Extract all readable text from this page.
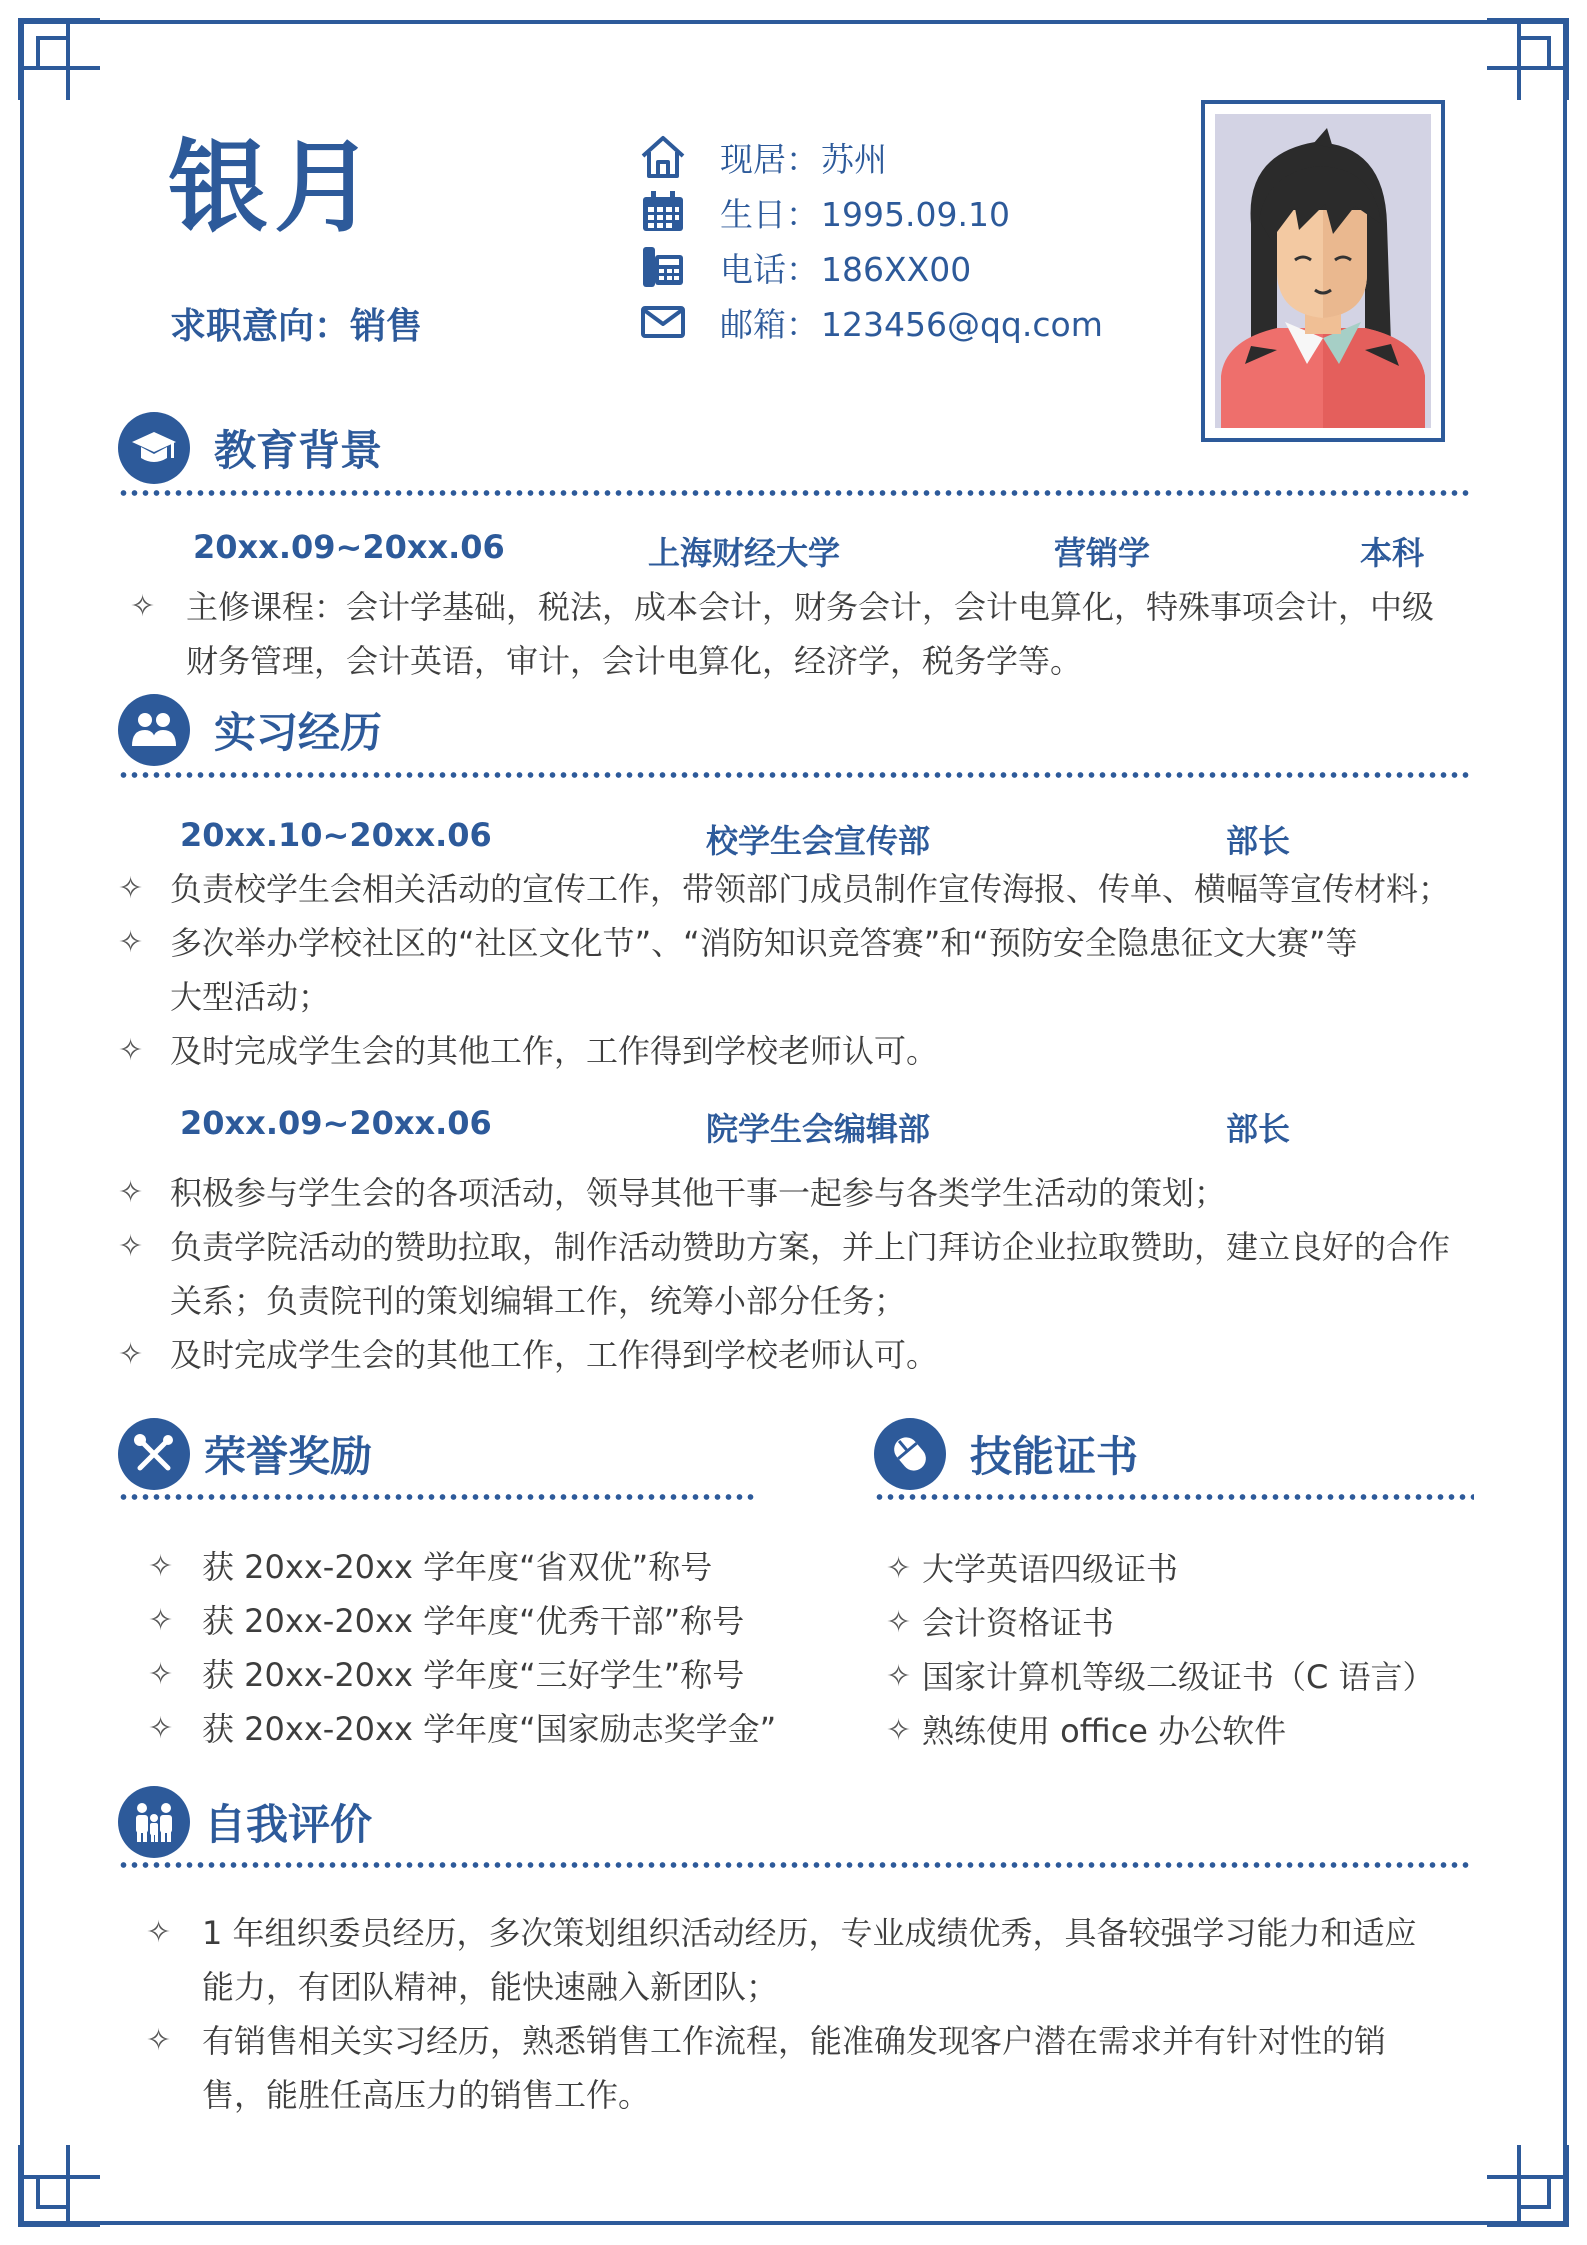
银月
求职意向：销售
现居：苏州
生日：1995.09.10
电话：186XX00
邮箱：123456@qq.com
教育背景
20xx.09~20xx.06	上海财经大学	营销学	本科
✧ 主修课程：会计学基础，税法，成本会计，财务会计，会计电算化，特殊事项会计，中级
财务管理，会计英语，审计，会计电算化，经济学，税务学等。
实习经历
20xx.10~20xx.06	校学生会宣传部	部长
✧ 负责校学生会相关活动的宣传工作，带领部门成员制作宣传海报、传单、横幅等宣传材料；
✧ 多次举办学校社区的“社区文化节”、“消防知识竞答赛”和“预防安全隐患征文大赛”等
大型活动；
✧ 及时完成学生会的其他工作，工作得到学校老师认可。
20xx.09~20xx.06	院学生会编辑部	部长
✧ 积极参与学生会的各项活动，领导其他干事一起参与各类学生活动的策划；
✧ 负责学院活动的赞助拉取，制作活动赞助方案，并上门拜访企业拉取赞助，建立良好的合作
关系；负责院刊的策划编辑工作，统筹小部分任务；
✧ 及时完成学生会的其他工作，工作得到学校老师认可。
荣誉奖励
✧ 获 20xx-20xx 学年度“省双优”称号
✧ 获 20xx-20xx 学年度“优秀干部”称号
✧ 获 20xx-20xx 学年度“三好学生”称号
✧ 获 20xx-20xx 学年度“国家励志奖学金”
技能证书
✧ 大学英语四级证书
✧ 会计资格证书
✧ 国家计算机等级二级证书（C 语言）
✧ 熟练使用 office 办公软件
自我评价
✧ 1 年组织委员经历，多次策划组织活动经历，专业成绩优秀，具备较强学习能力和适应
能力，有团队精神，能快速融入新团队；
✧ 有销售相关实习经历，熟悉销售工作流程，能准确发现客户潜在需求并有针对性的销
售，能胜任高压力的销售工作。
